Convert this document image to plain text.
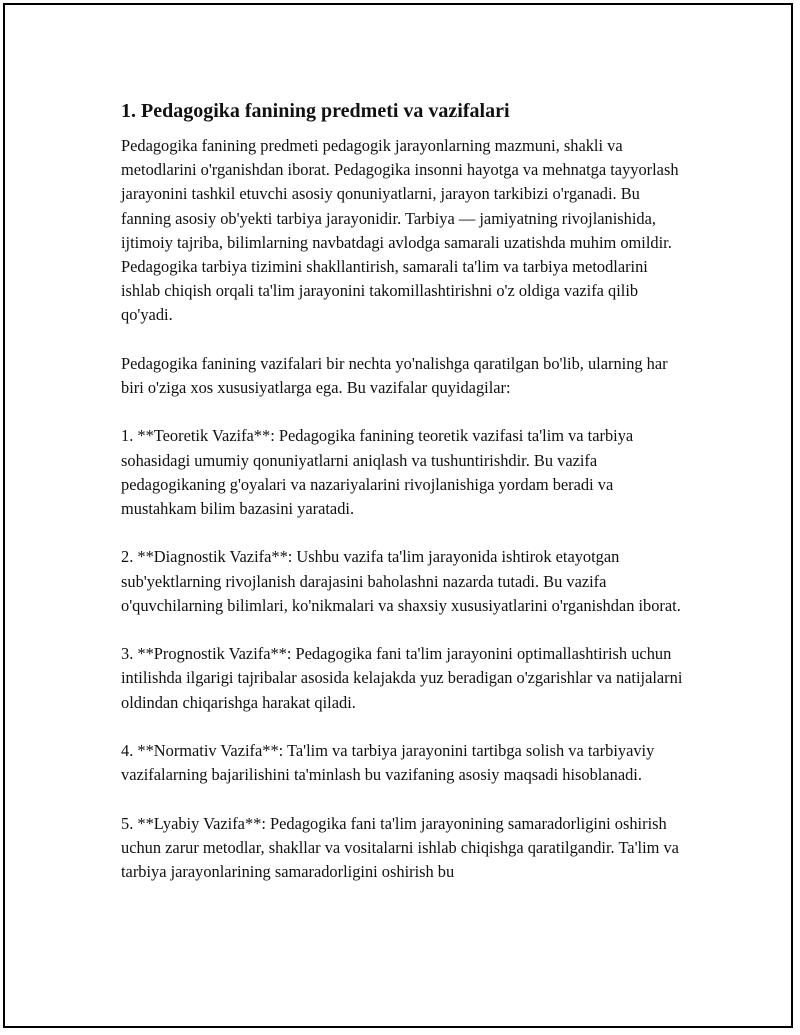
1. Pedagogika fanining predmeti va vazifalari

Pedagogika fanining predmeti pedagogik jarayonlarning mazmuni, shakli va metodlarini o'rganishdan iborat. Pedagogika insonni hayotga va mehnatga tayyorlash jarayonini tashkil etuvchi asosiy qonuniyatlarni, jarayon tarkibizi o'rganadi. Bu fanning asosiy ob'yekti tarbiya jarayonidir. Tarbiya — jamiyatning rivojlanishida, ijtimoiy tajriba, bilimlarning navbatdagi avlodga samarali uzatishda muhim omildir. Pedagogika tarbiya tizimini shakllantirish, samarali ta'lim va tarbiya metodlarini ishlab chiqish orqali ta'lim jarayonini takomillashtirishni o'z oldiga vazifa qilib qo'yadi.

Pedagogika fanining vazifalari bir nechta yo'nalishga qaratilgan bo'lib, ularning har biri o'ziga xos xususiyatlarga ega. Bu vazifalar quyidagilar:

1. **Teoretik Vazifa**: Pedagogika fanining teoretik vazifasi ta'lim va tarbiya sohasidagi umumiy qonuniyatlarni aniqlash va tushuntirishdir. Bu vazifa pedagogikaning g'oyalari va nazariyalarini rivojlanishiga yordam beradi va mustahkam bilim bazasini yaratadi.

2. **Diagnostik Vazifa**: Ushbu vazifa ta'lim jarayonida ishtirok etayotgan sub'yektlarning rivojlanish darajasini baholashni nazarda tutadi. Bu vazifa o'quvchilarning bilimlari, ko'nikmalari va shaxsiy xususiyatlarini o'rganishdan iborat.

3. **Prognostik Vazifa**: Pedagogika fani ta'lim jarayonini optimallashtirish uchun intilishda ilgarigi tajribalar asosida kelajakda yuz beradigan o'zgarishlar va natijalarni oldindan chiqarishga harakat qiladi.

4. **Normativ Vazifa**: Ta'lim va tarbiya jarayonini tartibga solish va tarbiyaviy vazifalarning bajarilishini ta'minlash bu vazifaning asosiy maqsadi hisoblanadi.

5. **Lyabiy Vazifa**: Pedagogika fani ta'lim jarayonining samaradorligini oshirish uchun zarur metodlar, shakllar va vositalarni ishlab chiqishga qaratilgandir. Ta'lim va tarbiya jarayonlarining samaradorligini oshirish bu
